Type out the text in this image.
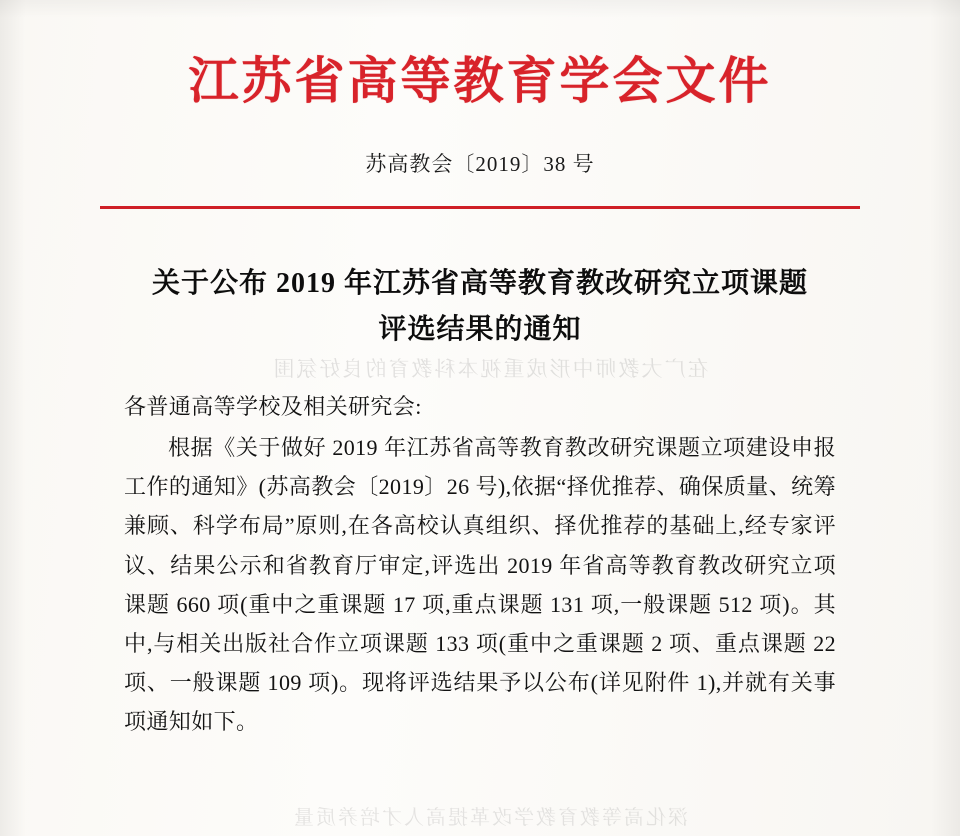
在广大教师中形成重视本科教育的良好氛围
江苏省高等教育学会文件
苏高教会〔2019〕38 号
关于公布 2019 年江苏省高等教育教改研究立项课题
评选结果的通知
各普通高等学校及相关研究会:
根据《关于做好 2019 年江苏省高等教育教改研究课题立项建设申报工作的通知》(苏高教会〔2019〕26 号),依据“择优推荐、确保质量、统筹兼顾、科学布局”原则,在各高校认真组织、择优推荐的基础上,经专家评议、结果公示和省教育厅审定,评选出 2019 年省高等教育教改研究立项课题 660 项(重中之重课题 17 项,重点课题 131 项,一般课题 512 项)。其中,与相关出版社合作立项课题 133 项(重中之重课题 2 项、重点课题 22 项、一般课题 109 项)。现将评选结果予以公布(详见附件 1),并就有关事项通知如下。
深化高等教育教学改革提高人才培养质量
